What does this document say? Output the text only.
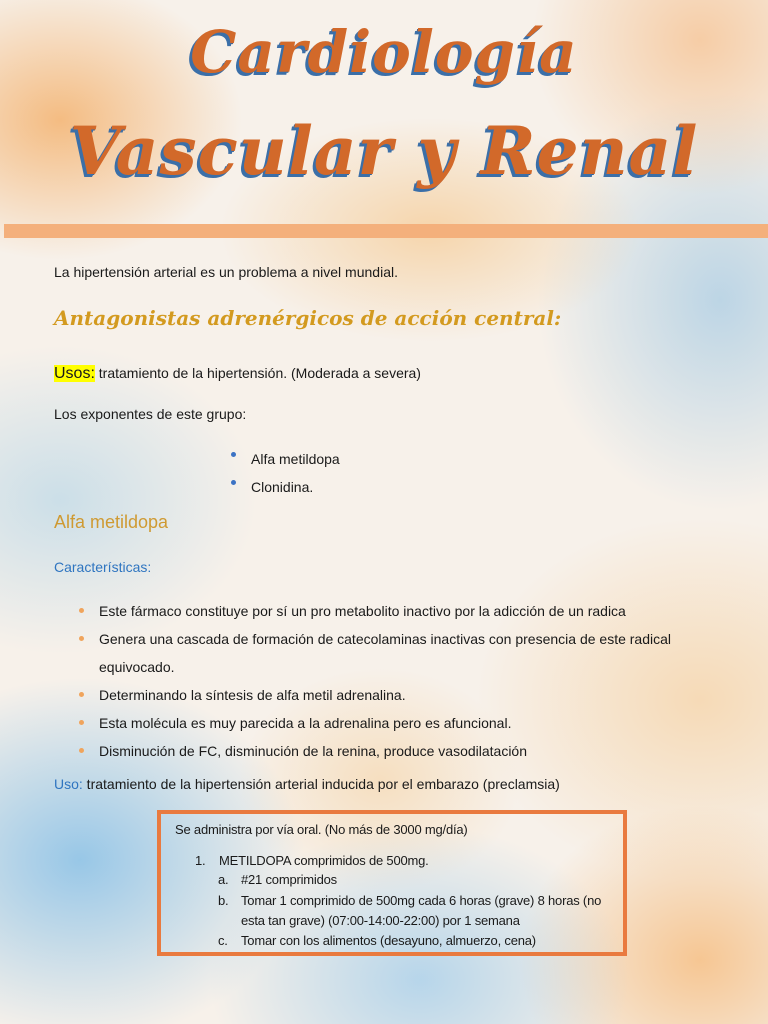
Cardiología
Vascular y Renal
La hipertensión arterial es un problema a nivel mundial.
Antagonistas adrenérgicos de acción central:
Usos: tratamiento de la hipertensión. (Moderada a severa)
Los exponentes de este grupo:
Alfa metildopa
Clonidina.
Alfa metildopa
Características:
Este fármaco constituye por sí un pro metabolito inactivo por la adicción de un radica
Genera una cascada de formación de catecolaminas inactivas con presencia de este radical
equivocado.
Determinando la síntesis de alfa metil adrenalina.
Esta molécula es muy parecida a la adrenalina pero es afuncional.
Disminución de FC, disminución de la renina, produce vasodilatación
Uso: tratamiento de la hipertensión arterial inducida por el embarazo (preclamsia)
Se administra por vía oral. (No más de 3000 mg/día)
1. METILDOPA comprimidos de 500mg.
a. #21 comprimidos
b. Tomar 1 comprimido de 500mg cada 6 horas (grave) 8 horas (no
esta tan grave) (07:00-14:00-22:00) por 1 semana
c. Tomar con los alimentos (desayuno, almuerzo, cena)
